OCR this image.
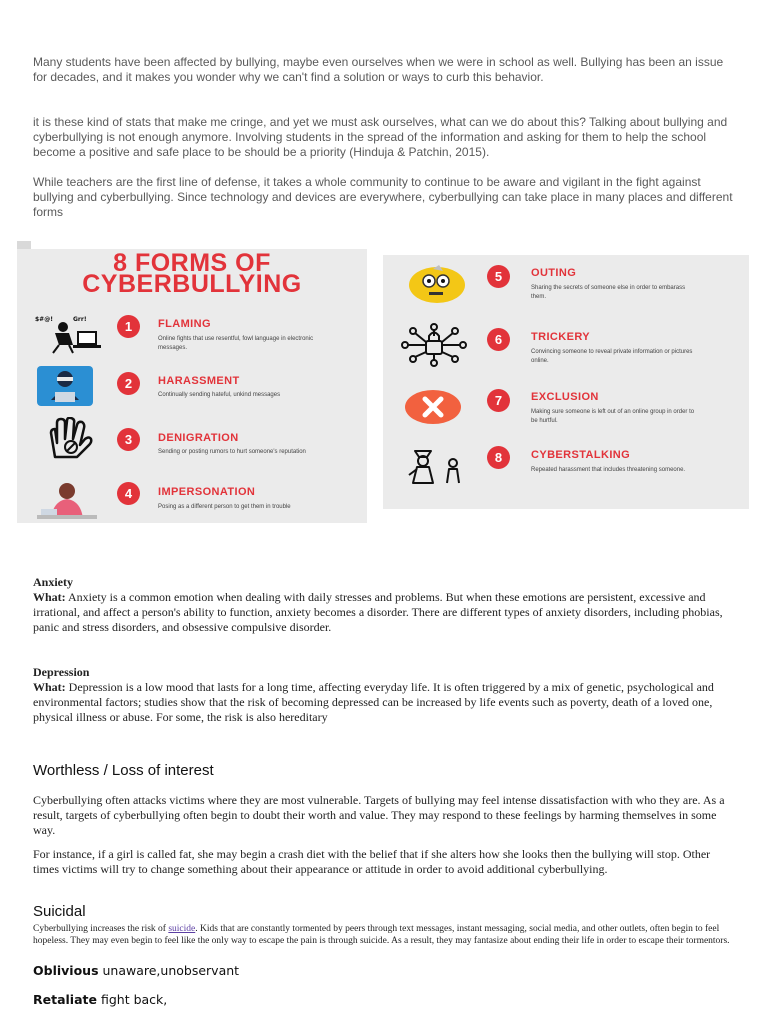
Many students have been affected by bullying, maybe even ourselves when we were in school as well. Bullying has been an issue for decades, and it makes you wonder why we can't find a solution or ways to curb this behavior.
it is these kind of stats that make me cringe, and yet we must ask ourselves, what can we do about this? Talking about bullying and cyberbullying is not enough anymore. Involving students in the spread of the information and asking for them to help the school become a positive and safe place to be should be a priority (Hinduja & Patchin, 2015).
While teachers are the first line of defense, it takes a whole community to continue to be aware and vigilant in the fight against bullying and cyberbullying. Since technology and devices are everywhere, cyberbullying can take place in many places and different forms
8 FORMS OF
CYBERBULLYING
$#@!	Grr!	1	FLAMING
Online fights that use resentful, fowl language in electronic messages.
2	HARASSMENT
Continually sending hateful, unkind messages
3	DENIGRATION
Sending or posting rumors to hurt someone's reputation
4	IMPERSONATION
Posing as a different person to get them in trouble
5	OUTING
Sharing the secrets of someone else in order to embarass them.
6	TRICKERY
Convincing someone to reveal private information or pictures online.
7	EXCLUSION
Making sure someone is left out of an online group in order to be hurtful.
8	CYBERSTALKING
Repeated harassment that includes threatening someone.
Anxiety
What: Anxiety is a common emotion when dealing with daily stresses and problems. But when these emotions are persistent, excessive and irrational, and affect a person's ability to function, anxiety becomes a disorder. There are different types of anxiety disorders, including phobias, panic and stress disorders, and obsessive compulsive disorder.
Depression
What: Depression is a low mood that lasts for a long time, affecting everyday life. It is often triggered by a mix of genetic, psychological and environmental factors; studies show that the risk of becoming depressed can be increased by life events such as poverty, death of a loved one, physical illness or abuse. For some, the risk is also hereditary
Worthless / Loss of interest
Cyberbullying often attacks victims where they are most vulnerable. Targets of bullying may feel intense dissatisfaction with who they are. As a result, targets of cyberbullying often begin to doubt their worth and value. They may respond to these feelings by harming themselves in some way.
For instance, if a girl is called fat, she may begin a crash diet with the belief that if she alters how she looks then the bullying will stop. Other times victims will try to change something about their appearance or attitude in order to avoid additional cyberbullying.
Suicidal
Cyberbullying increases the risk of suicide. Kids that are constantly tormented by peers through text messages, instant messaging, social media, and other outlets, often begin to feel hopeless. They may even begin to feel like the only way to escape the pain is through suicide. As a result, they may fantasize about ending their life in order to escape their tormentors.
Oblivious unaware,unobservant
Retaliate fight back,
